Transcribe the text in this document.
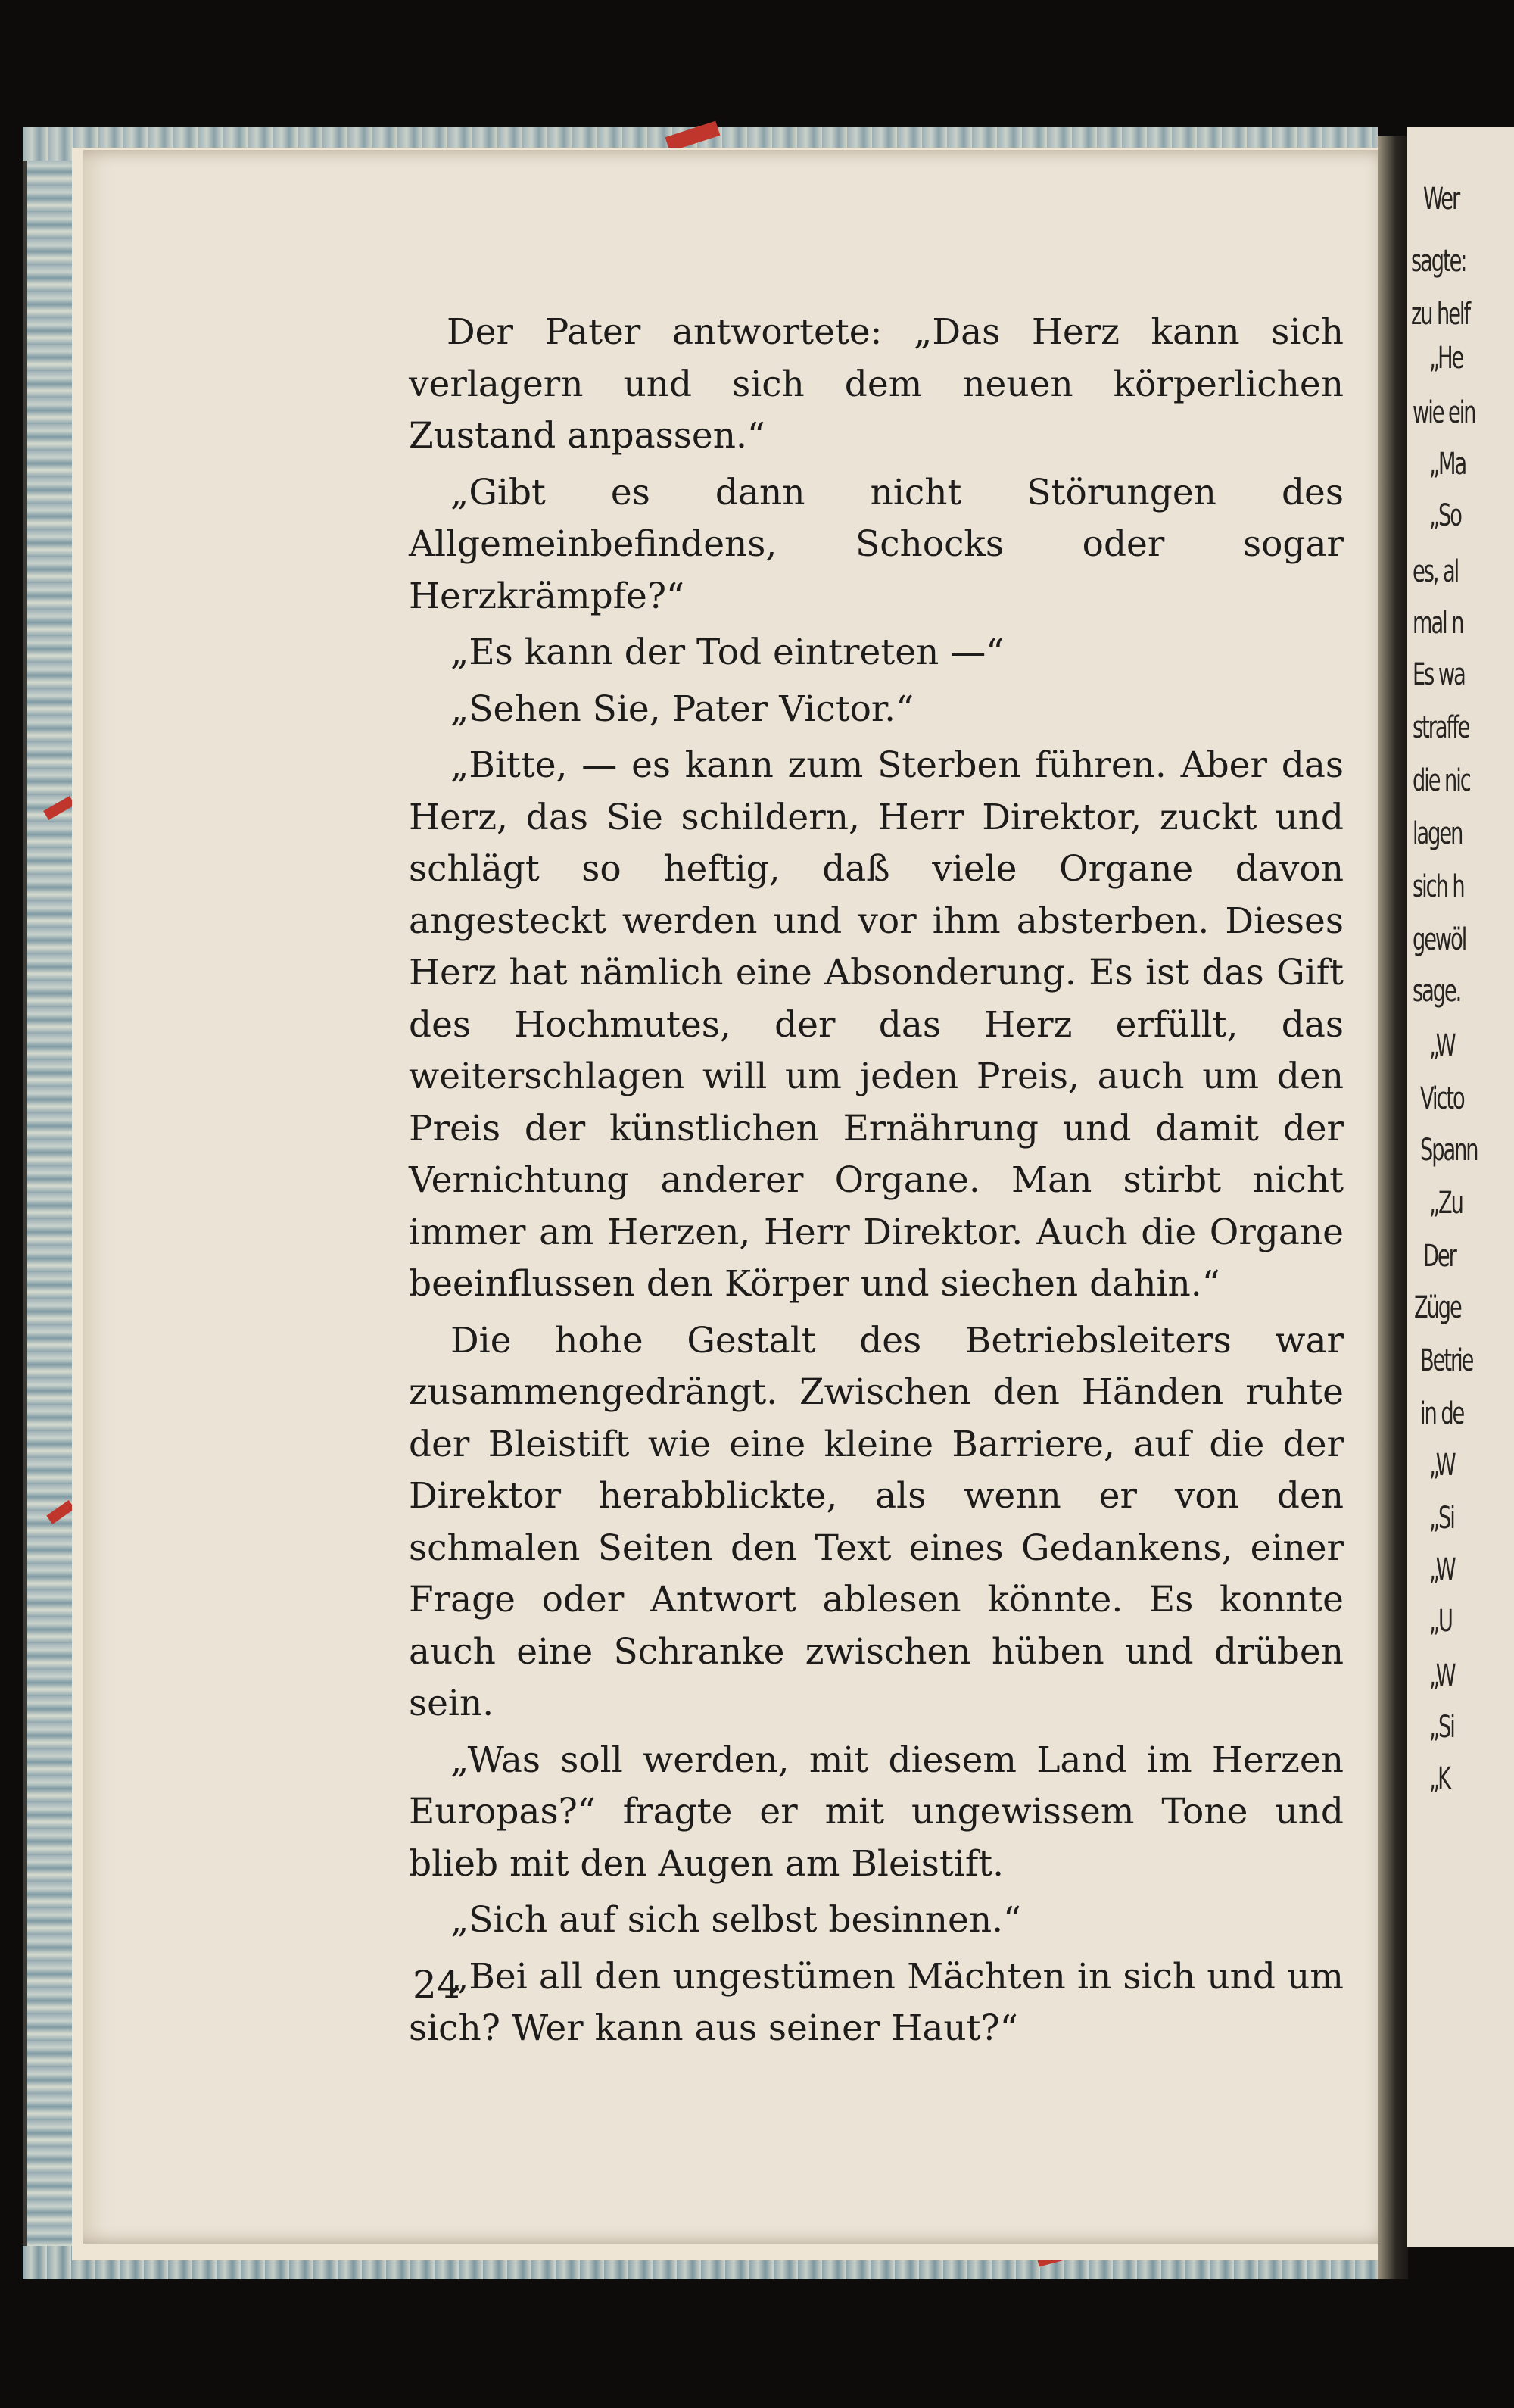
Der Pater antwortete: „Das Herz kann sich verlagern und sich dem neuen körperlichen Zustand anpassen.“

„Gibt es dann nicht Störungen des Allgemeinbefindens, Schocks oder sogar Herzkrämpfe?“

„Es kann der Tod eintreten —“

„Sehen Sie, Pater Victor.“

„Bitte, — es kann zum Sterben führen. Aber das Herz, das Sie schildern, Herr Direktor, zuckt und schlägt so heftig, daß viele Organe davon angesteckt werden und vor ihm absterben. Dieses Herz hat nämlich eine Absonderung. Es ist das Gift des Hochmutes, der das Herz erfüllt, das weiterschlagen will um jeden Preis, auch um den Preis der künstlichen Ernährung und damit der Vernichtung anderer Organe. Man stirbt nicht immer am Herzen, Herr Direktor. Auch die Organe beeinflussen den Körper und siechen dahin.“

Die hohe Gestalt des Betriebsleiters war zusammengedrängt. Zwischen den Händen ruhte der Bleistift wie eine kleine Barriere, auf die der Direktor herabblickte, als wenn er von den schmalen Seiten den Text eines Gedankens, einer Frage oder Antwort ablesen könnte. Es konnte auch eine Schranke zwischen hüben und drüben sein.

„Was soll werden, mit diesem Land im Herzen Europas?“ fragte er mit ungewissem Tone und blieb mit den Augen am Bleistift.

„Sich auf sich selbst besinnen.“

„Bei all den ungestümen Mächten in sich und um sich? Wer kann aus seiner Haut?“

24
Wer
sagte:
zu helf
„He
wie ein
„Ma
„So
es, al
mal n
Es wa
straffe
die nic
lagen
sich h
gewöl
sage.
„W
Victo
Spann
„Zu
Der
Züge
Betrie
in de
„W
„Si
„W
„U
„W
„Si
„K
